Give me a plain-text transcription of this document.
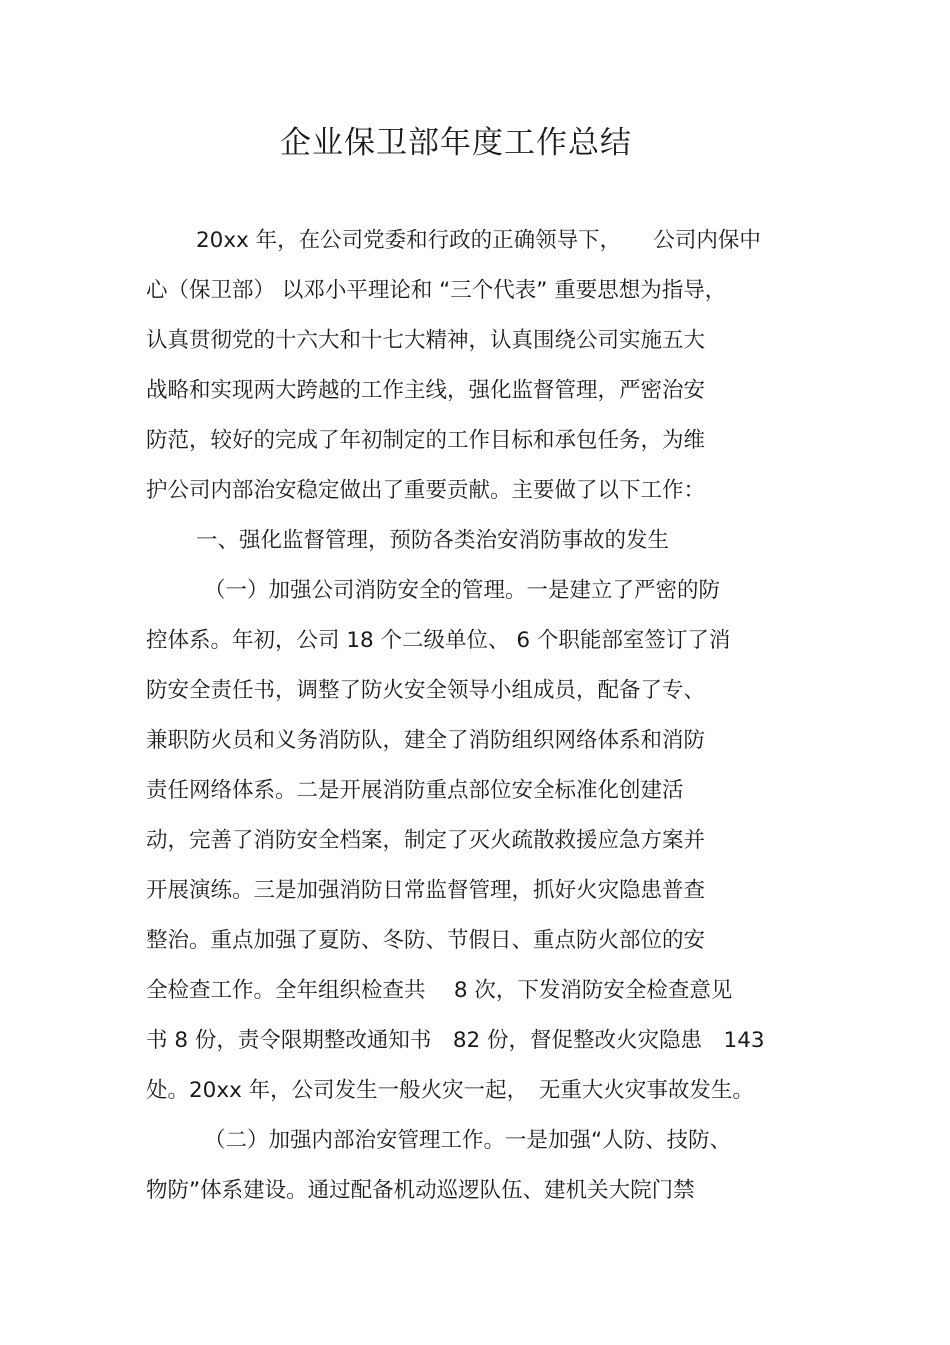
企业保卫部年度工作总结
20xx 年，在公司党委和行政的正确领导下，　　公司内保中
心（保卫部） 以邓小平理论和 “三个代表” 重要思想为指导，
认真贯彻党的十六大和十七大精神，认真围绕公司实施五大
战略和实现两大跨越的工作主线，强化监督管理，严密治安
防范，较好的完成了年初制定的工作目标和承包任务，为维
护公司内部治安稳定做出了重要贡献。主要做了以下工作：
一、强化监督管理，预防各类治安消防事故的发生
（一）加强公司消防安全的管理。一是建立了严密的防
控体系。年初，公司 18 个二级单位、 6 个职能部室签订了消
防安全责任书，调整了防火安全领导小组成员，配备了专、
兼职防火员和义务消防队，建全了消防组织网络体系和消防
责任网络体系。二是开展消防重点部位安全标准化创建活
动，完善了消防安全档案，制定了灭火疏散救援应急方案并
开展演练。三是加强消防日常监督管理，抓好火灾隐患普查
整治。重点加强了夏防、冬防、节假日、重点防火部位的安
全检查工作。全年组织检查共　 8 次，下发消防安全检查意见
书 8 份，责令限期整改通知书　82 份，督促整改火灾隐患　143
处。20xx 年，公司发生一般火灾一起，　无重大火灾事故发生。
（二）加强内部治安管理工作。一是加强“人防、技防、
物防”体系建设。通过配备机动巡逻队伍、建机关大院门禁
